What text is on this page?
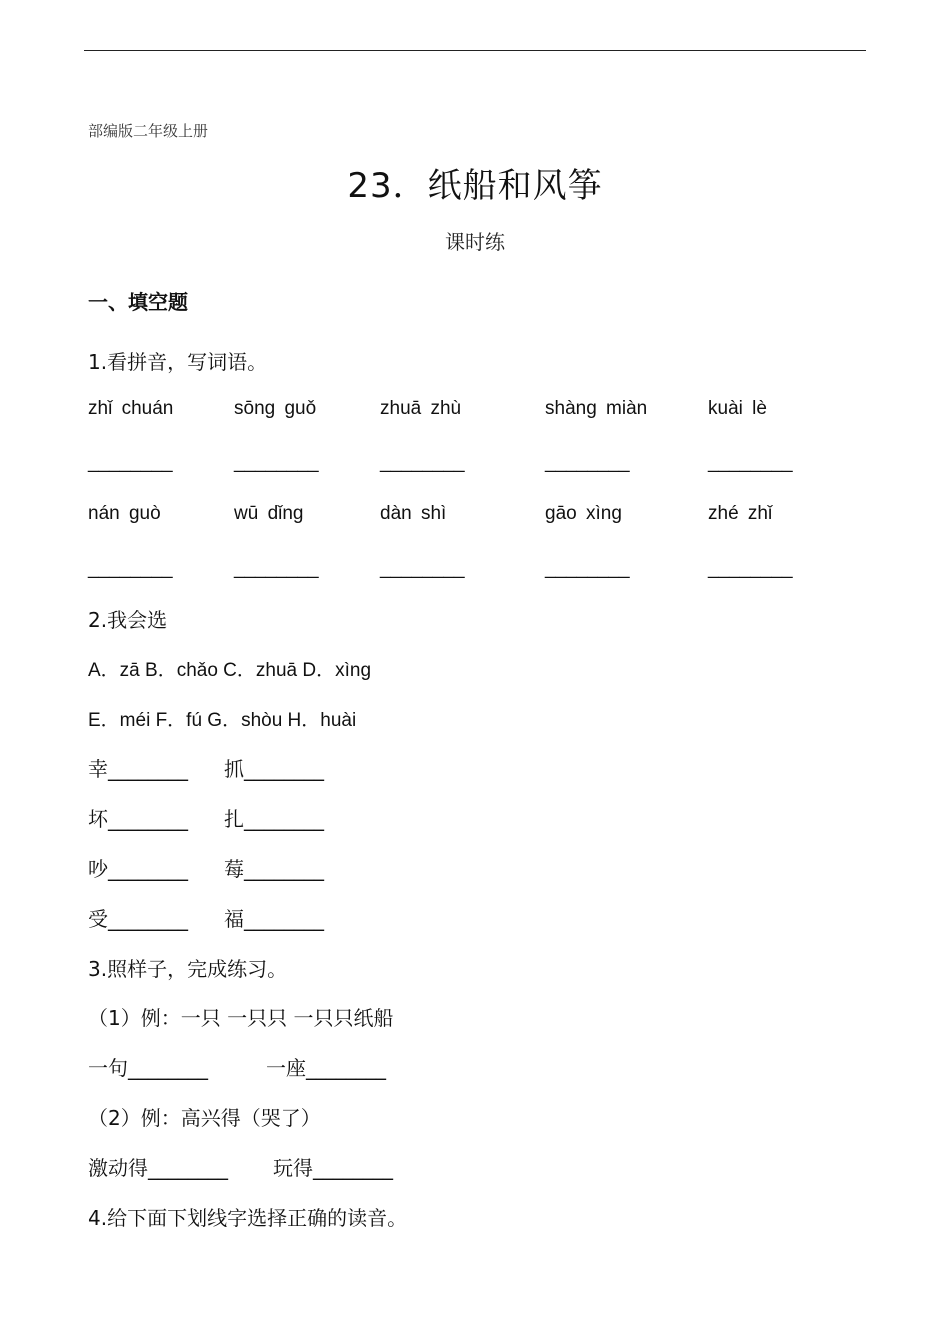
部编版二年级上册
23．纸船和风筝
课时练
一、填空题
1.看拼音，写词语。
zhǐ chuán	sōng guǒ	zhuā zhù	shàng miàn	kuài lè
________	________	________	________	________
nán guò	wū dǐng	dàn shì	gāo xìng	zhé zhǐ
________	________	________	________	________
2.我会选
A．zā B．chǎo C．zhuā D．xìng
E．méi F．fú G．shòu H．huài
幸________ 抓________
坏________ 扎________
吵________ 莓________
受________ 福________
3.照样子，完成练习。
（1）例：一只 一只只 一只只纸船
一句________	一座________
（2）例：高兴得（哭了）
激动得________ 玩得________
4.给下面下划线字选择正确的读音。
